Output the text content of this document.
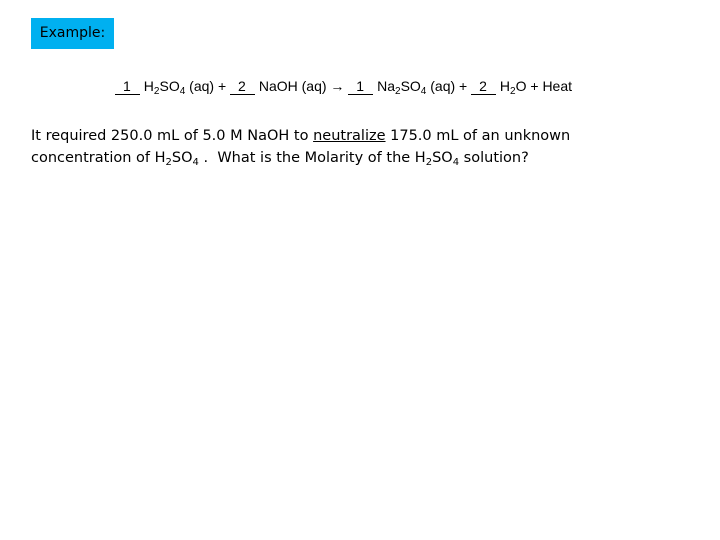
Example:
1 $H_2SO_4$ (aq) + 2 NaOH (aq) → 1 $Na_2SO_4$ (aq) + 2 $H_2O$ + Heat
It required 250.0 mL of 5.0 M NaOH to neutralize 175.0 mL of an unknown
concentration of $H_2SO_4$ .  What is the Molarity of the $H_2SO_4$ solution?
